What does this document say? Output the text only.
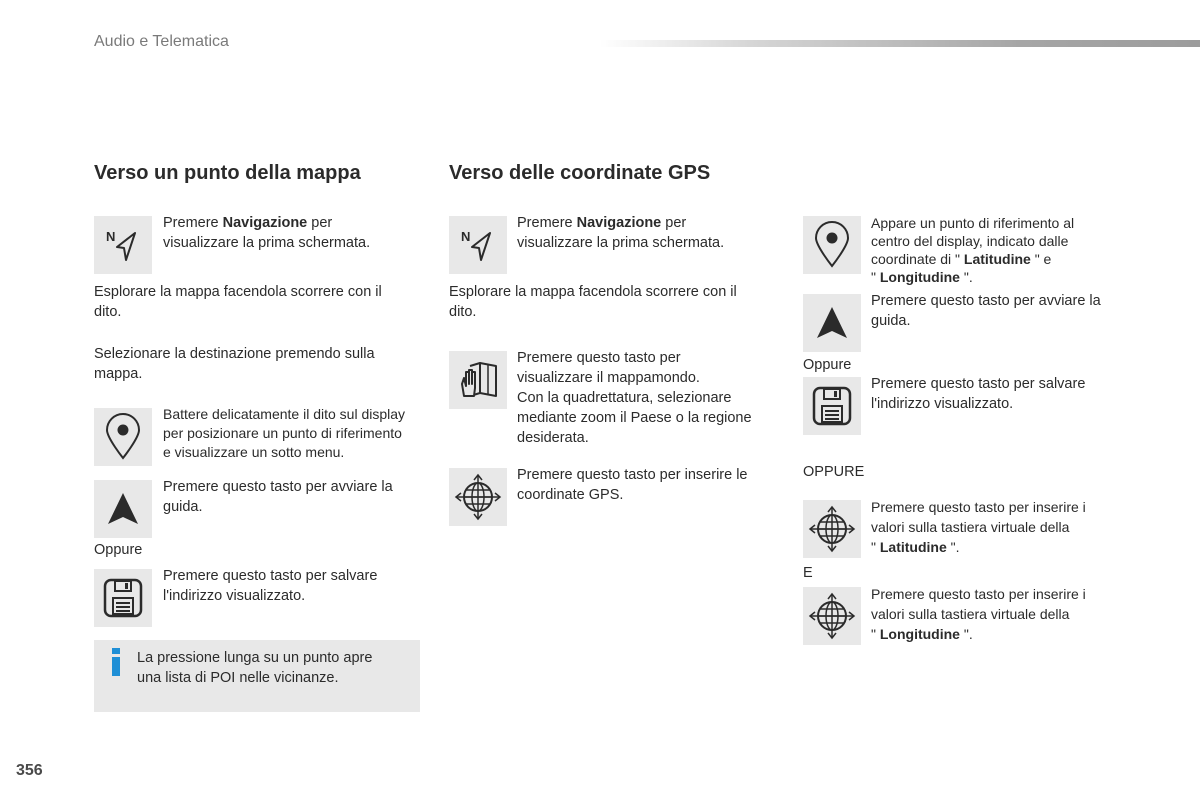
Audio e Telematica
Verso un punto della mappa	Verso delle coordinate GPS
N
Premere Navigazione per
visualizzare la prima schermata.
Esplorare la mappa facendola scorrere con il
dito.
Selezionare la destinazione premendo sulla
mappa.
Battere delicatamente il dito sul display
per posizionare un punto di riferimento
e visualizzare un sotto menu.
Premere questo tasto per avviare la
guida.
Oppure
Premere questo tasto per salvare
l'indirizzo visualizzato.
La pressione lunga su un punto apre
una lista di POI nelle vicinanze.
N
Premere Navigazione per
visualizzare la prima schermata.
Esplorare la mappa facendola scorrere con il
dito.
Premere questo tasto per
visualizzare il mappamondo.
Con la quadrettatura, selezionare
mediante zoom il Paese o la regione
desiderata.
Premere questo tasto per inserire le
coordinate GPS.
Appare un punto di riferimento al
centro del display, indicato dalle
coordinate di " Latitudine " e
" Longitudine ".
Premere questo tasto per avviare la
guida.
Oppure
Premere questo tasto per salvare
l'indirizzo visualizzato.
OPPURE
Premere questo tasto per inserire i
valori sulla tastiera virtuale della
" Latitudine ".
E
Premere questo tasto per inserire i
valori sulla tastiera virtuale della
" Longitudine ".
356
